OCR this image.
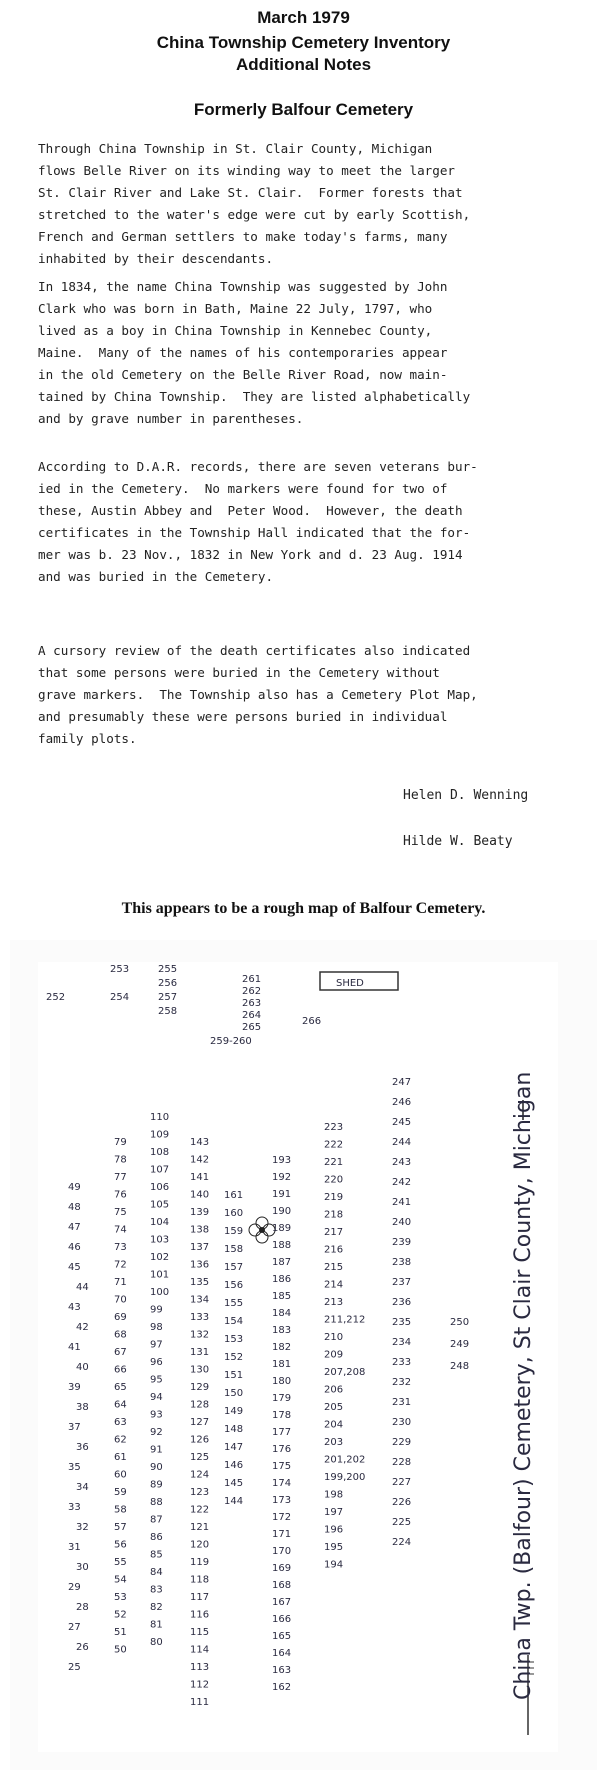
March 1979
China Township Cemetery Inventory
Additional Notes
Formerly Balfour Cemetery
Through China Township in St. Clair County, Michigan
flows Belle River on its winding way to meet the larger
St. Clair River and Lake St. Clair.  Former forests that
stretched to the water's edge were cut by early Scottish,
French and German settlers to make today's farms, many
inhabited by their descendants.
In 1834, the name China Township was suggested by John
Clark who was born in Bath, Maine 22 July, 1797, who
lived as a boy in China Township in Kennebec County,
Maine.  Many of the names of his contemporaries appear
in the old Cemetery on the Belle River Road, now main-
tained by China Township.  They are listed alphabetically
and by grave number in parentheses.
According to D.A.R. records, there are seven veterans bur-
ied in the Cemetery.  No markers were found for two of
these, Austin Abbey and  Peter Wood.  However, the death
certificates in the Township Hall indicated that the for-
mer was b. 23 Nov., 1832 in New York and d. 23 Aug. 1914
and was buried in the Cemetery.
A cursory review of the death certificates also indicated
that some persons were buried in the Cemetery without
grave markers.  The Township also has a Cemetery Plot Map,
and presumably these were persons buried in individual
family plots.
Helen D. Wenning
Hilde W. Beaty
This appears to be a rough map of Balfour Cemetery.
SHED
China Twp. (Balfour) Cemetery, St Clair County, Michigan
252
253
254
255
256
257
258
259-260
261
262
263
264
265
266
49
48
47
46
45
44
43
42
41
40
39
38
37
36
35
34
33
32
31
30
29
28
27
26
25
79
78
77
76
75
74
73
72
71
70
69
68
67
66
65
64
63
62
61
60
59
58
57
56
55
54
53
52
51
50
110
109
108
107
106
105
104
103
102
101
100
99
98
97
96
95
94
93
92
91
90
89
88
87
86
85
84
83
82
81
80
143
142
141
140
139
138
137
136
135
134
133
132
131
130
129
128
127
126
125
124
123
122
121
120
119
118
117
116
115
114
113
112
111
161
160
159
158
157
156
155
154
153
152
151
150
149
148
147
146
145
144
193
192
191
190
189
188
187
186
185
184
183
182
181
180
179
178
177
176
175
174
173
172
171
170
169
168
167
166
165
164
163
162
223
222
221
220
219
218
217
216
215
214
213
211,212
210
209
207,208
206
205
204
203
201,202
199,200
198
197
196
195
194
247
246
245
244
243
242
241
240
239
238
237
236
235
234
233
232
231
230
229
228
227
226
225
224
250
249
248
